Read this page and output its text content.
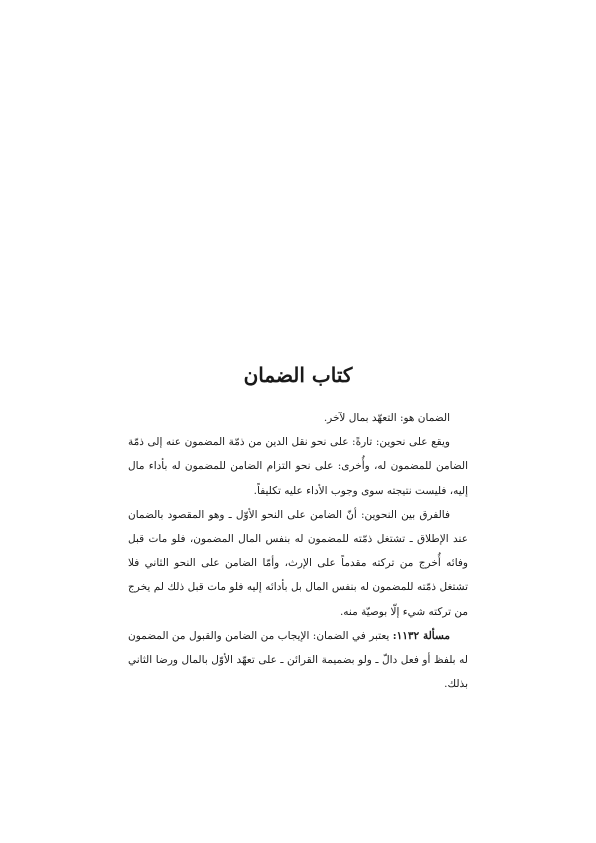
كتاب الضمان

الضمان هو: التعهّد بمال لآخر.

ويقع على نحوين: تارةً: على نحو نقل الدين من ذمّة المضمون عنه إلى ذمّة الضامن للمضمون له، وأُخرى: على نحو التزام الضامن للمضمون له بأداء مال إليه، فليست نتيجته سوى وجوب الأداء عليه تكليفاً.

فالفرق بين النحوين: أنّ الضامن على النحو الأوّل ـ وهو المقصود بالضمان عند الإطلاق ـ تشتغل ذمّته للمضمون له بنفس المال المضمون، فلو مات قبل وفائه أُخرج من تركته مقدماً على الإرث، وأمّا الضامن على النحو الثاني فلا تشتغل ذمّته للمضمون له بنفس المال بل بأدائه إليه فلو مات قبل ذلك لم يخرج من تركته شيء إلّا بوصيّة منه.

مسألة ١١٣٢: يعتبر في الضمان: الإيجاب من الضامن والقبول من المضمون له بلفظ أو فعل دالّ ـ ولو بضميمة القرائن ـ على تعهّد الأوّل بالمال ورضا الثاني بذلك.
